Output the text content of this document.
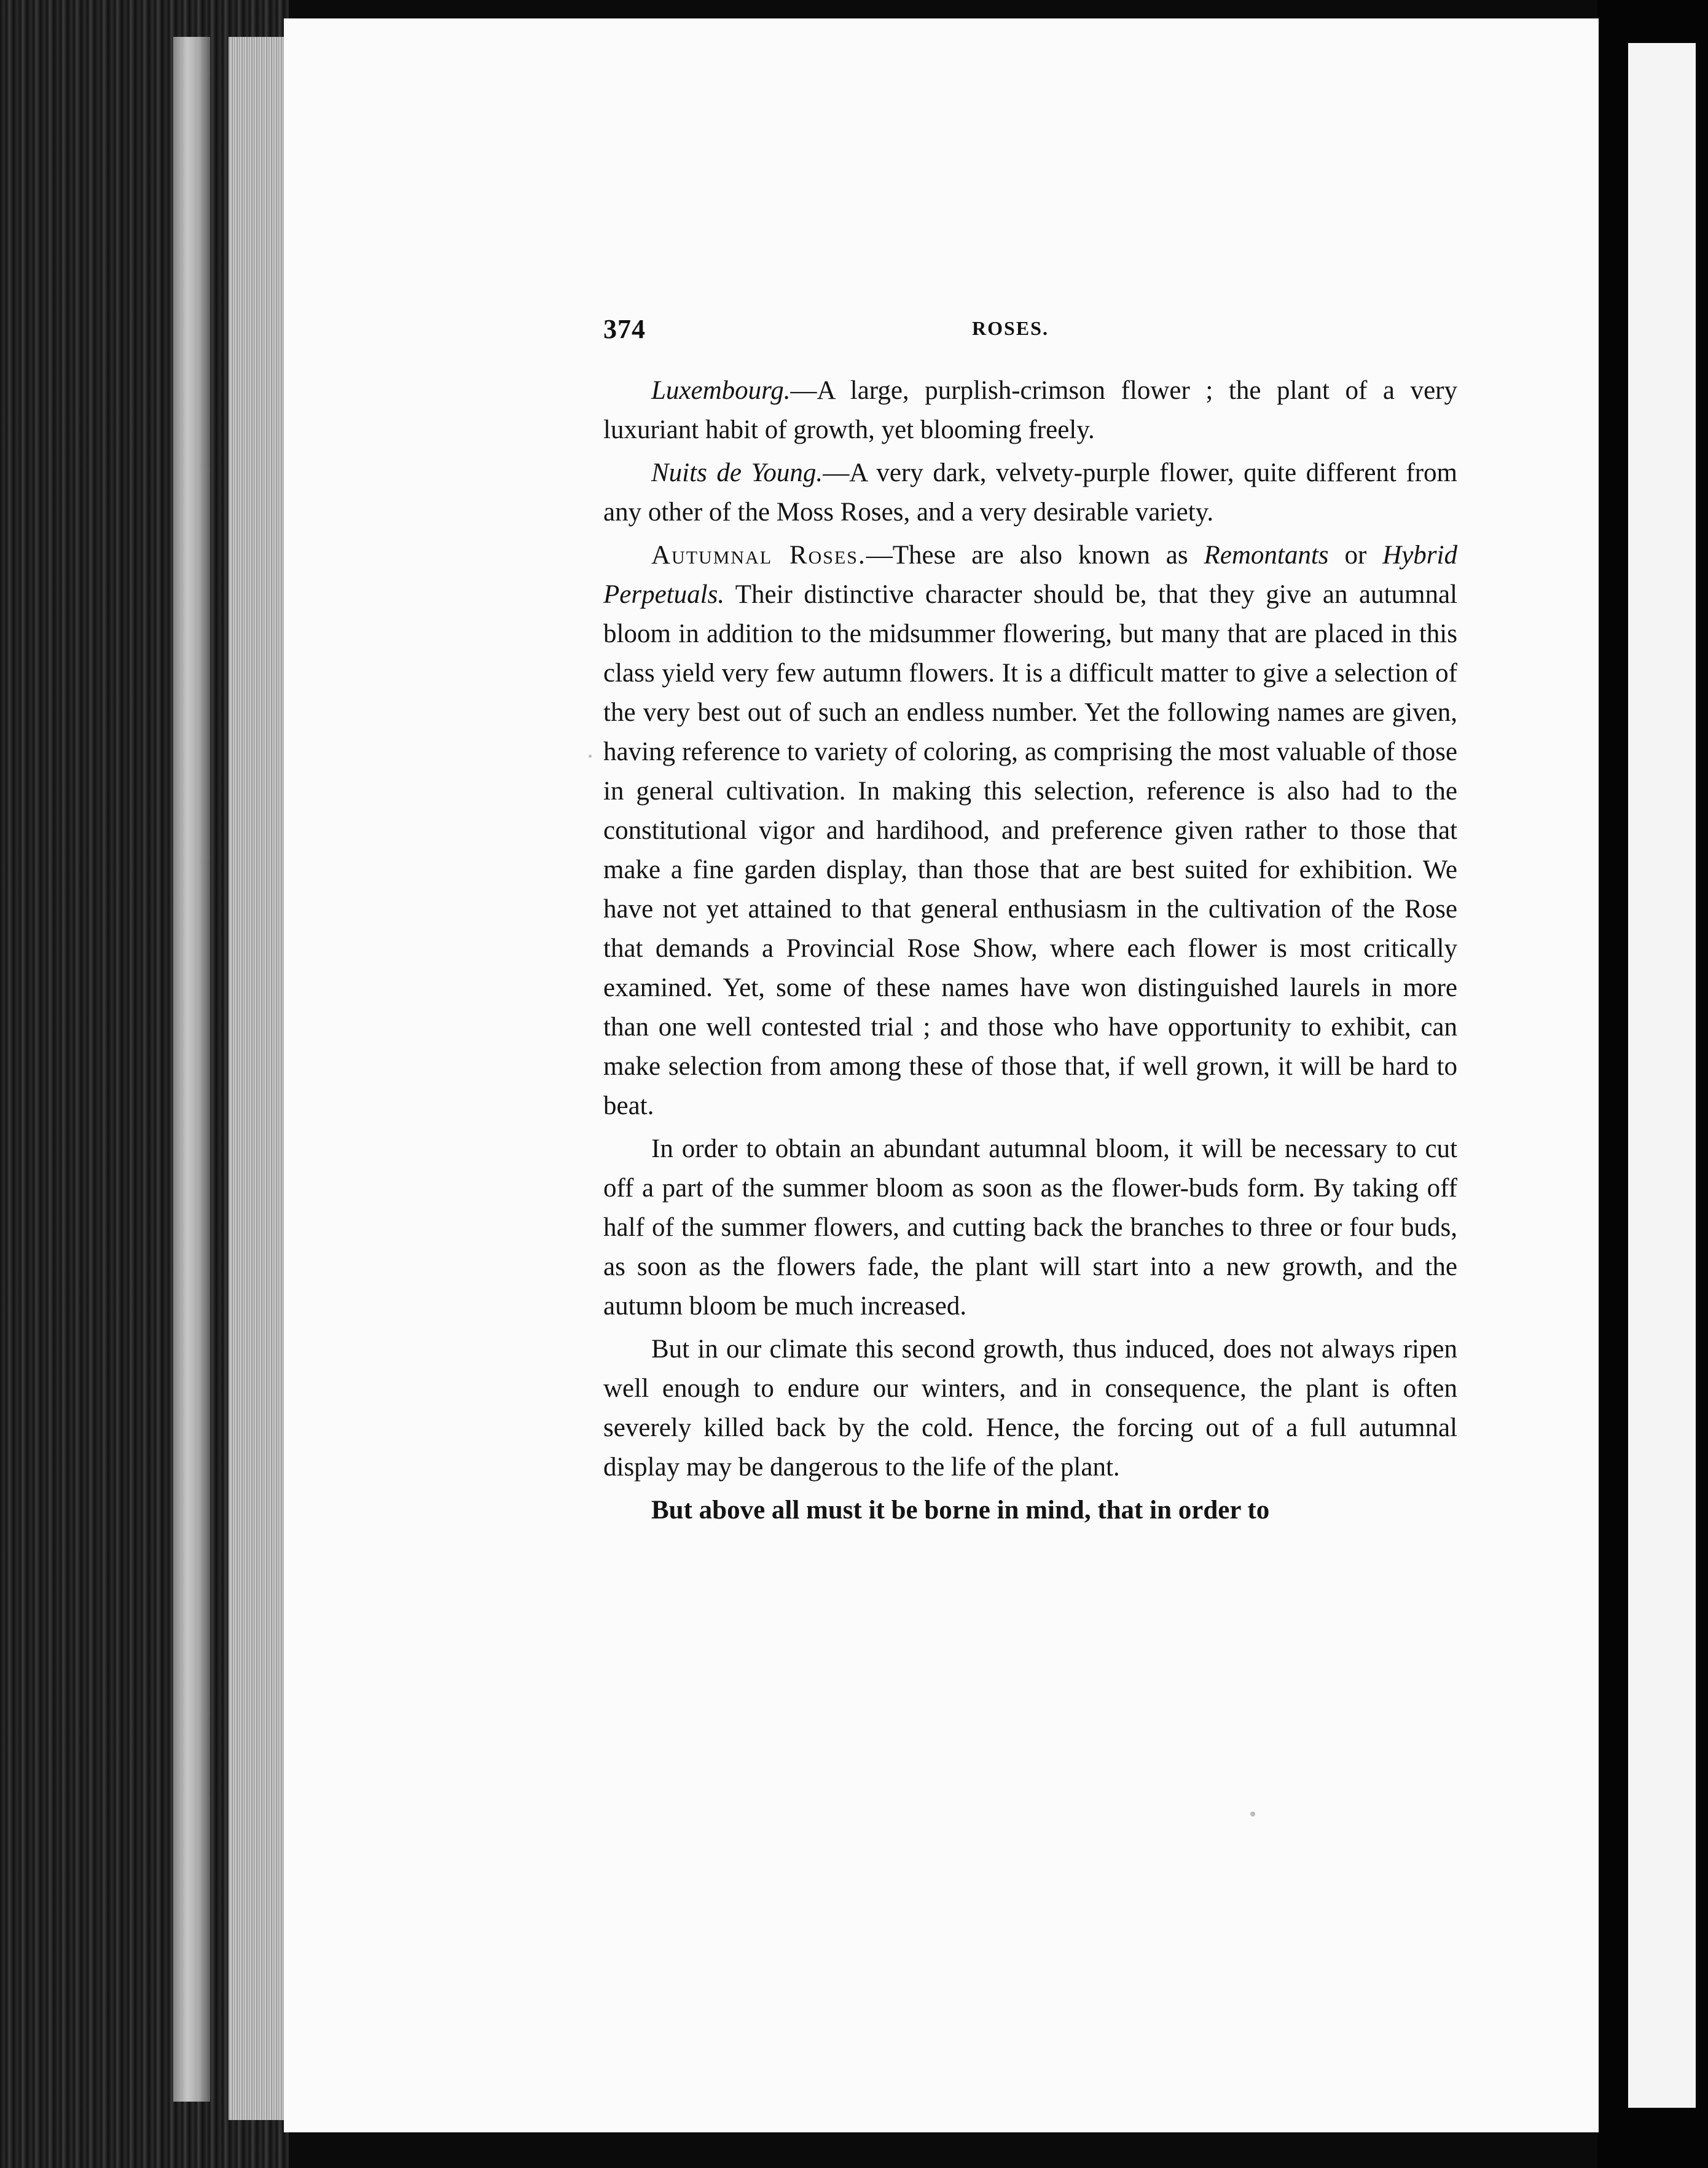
374	ROSES.

Luxembourg.—A large, purplish-crimson flower ; the plant of a very luxuriant habit of growth, yet blooming freely.

Nuits de Young.—A very dark, velvety-purple flower, quite different from any other of the Moss Roses, and a very desirable variety.

Autumnal Roses.—These are also known as Remontants or Hybrid Perpetuals. Their distinctive character should be, that they give an autumnal bloom in addition to the midsummer flowering, but many that are placed in this class yield very few autumn flowers. It is a difficult matter to give a selection of the very best out of such an endless number. Yet the following names are given, having reference to variety of coloring, as comprising the most valuable of those in general cultivation. In making this selection, reference is also had to the constitutional vigor and hardihood, and preference given rather to those that make a fine garden display, than those that are best suited for exhibition. We have not yet attained to that general enthusiasm in the cultivation of the Rose that demands a Provincial Rose Show, where each flower is most critically examined. Yet, some of these names have won distinguished laurels in more than one well contested trial ; and those who have opportunity to exhibit, can make selection from among these of those that, if well grown, it will be hard to beat.

In order to obtain an abundant autumnal bloom, it will be necessary to cut off a part of the summer bloom as soon as the flower-buds form. By taking off half of the summer flowers, and cutting back the branches to three or four buds, as soon as the flowers fade, the plant will start into a new growth, and the autumn bloom be much increased.

But in our climate this second growth, thus induced, does not always ripen well enough to endure our winters, and in consequence, the plant is often severely killed back by the cold. Hence, the forcing out of a full autumnal display may be dangerous to the life of the plant.

But above all must it be borne in mind, that in order to
